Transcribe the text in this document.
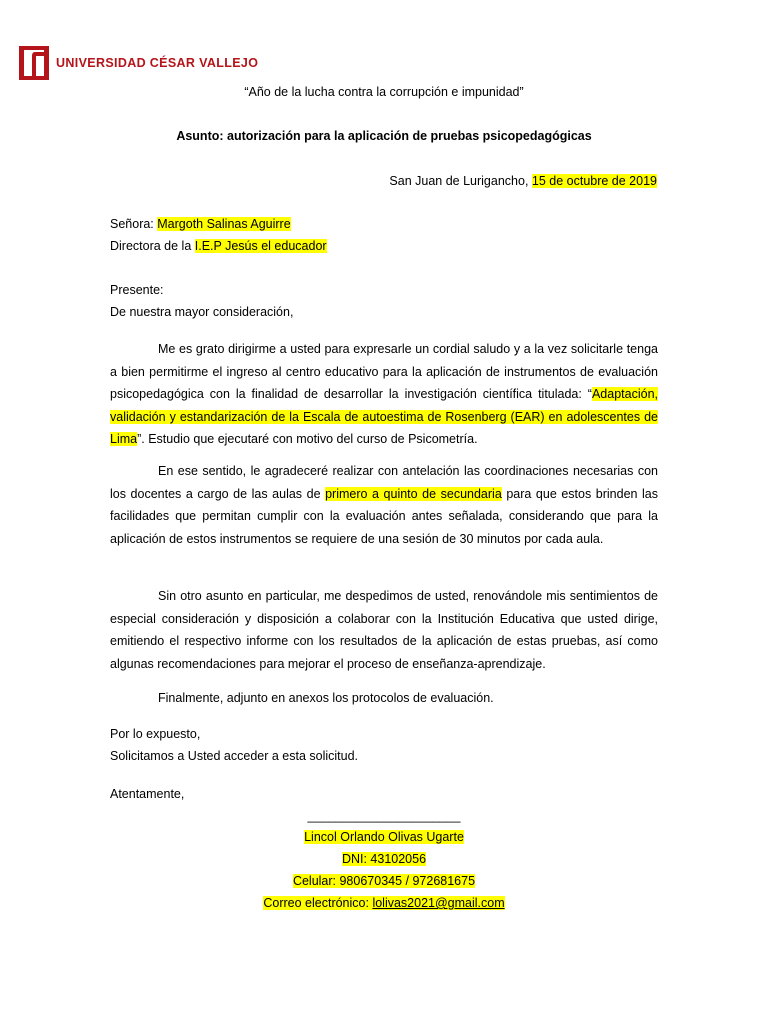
UNIVERSIDAD CÉSAR VALLEJO
“Año de la lucha contra la corrupción e impunidad”
Asunto: autorización para la aplicación de pruebas psicopedagógicas
San Juan de Lurigancho, 15 de octubre de 2019
Señora: Margoth Salinas Aguirre
Directora de la I.E.P Jesús el educador
Presente:
De nuestra mayor consideración,

Me es grato dirigirme a usted para expresarle un cordial saludo y a la vez solicitarle tenga a bien permitirme el ingreso al centro educativo para la aplicación de instrumentos de evaluación psicopedagógica con la finalidad de desarrollar la investigación científica titulada: “Adaptación, validación y estandarización de la Escala de autoestima de Rosenberg (EAR) en adolescentes de Lima”. Estudio que ejecutaré con motivo del curso de Psicometría.

En ese sentido, le agradeceré realizar con antelación las coordinaciones necesarias con los docentes a cargo de las aulas de primero a quinto de secundaria para que estos brinden las facilidades que permitan cumplir con la evaluación antes señalada, considerando que para la aplicación de estos instrumentos se requiere de una sesión de 30 minutos por cada aula.

Sin otro asunto en particular, me despedimos de usted, renovándole mis sentimientos de especial consideración y disposición a colaborar con la Institución Educativa que usted dirige, emitiendo el respectivo informe con los resultados de la aplicación de estas pruebas, así como algunas recomendaciones para mejorar el proceso de enseñanza-aprendizaje.

Finalmente, adjunto en anexos los protocolos de evaluación.

Por lo expuesto,
Solicitamos a Usted acceder a esta solicitud.
Atentamente,
______________________
Lincol Orlando Olivas Ugarte
DNI: 43102056
Celular: 980670345 / 972681675
Correo electrónico: lolivas2021@gmail.com
